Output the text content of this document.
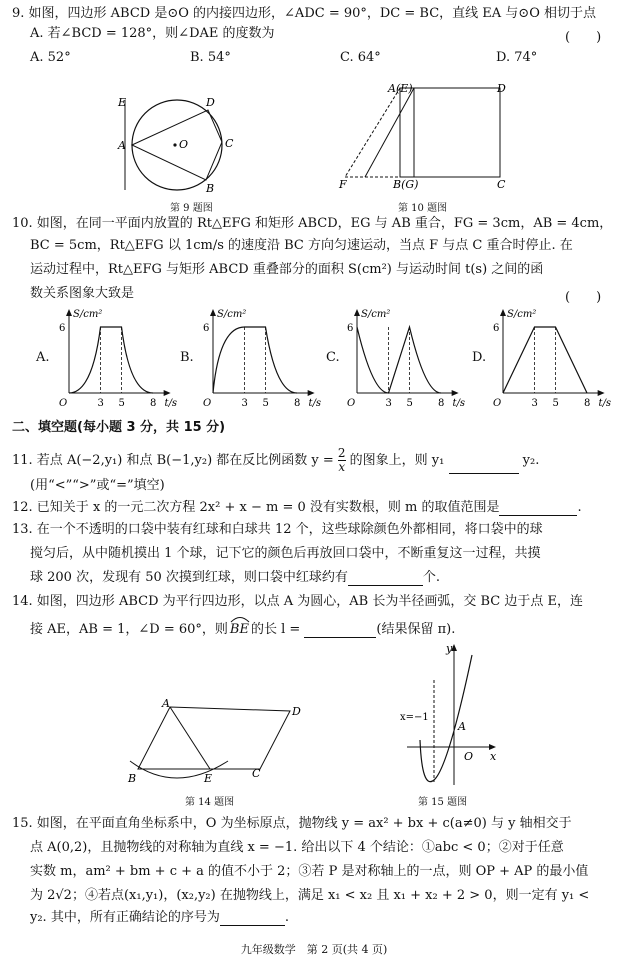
9. 如图，四边形 ABCD 是⊙O 的内接四边形，∠ADC = 90°，DC = BC，直线 EA 与⊙O 相切于点
A. 若∠BCD = 128°，则∠DAE 的度数为	(　　)
A. 52°	B. 54°	C. 64°	D. 74°
E	D
A	O	C
B
第 9 题图
A(E)	D
F	B(G)	C
第 10 题图
10. 如图，在同一平面内放置的 Rt△EFG 和矩形 ABCD，EG 与 AB 重合，FG = 3cm，AB = 4cm，
BC = 5cm，Rt△EFG 以 1cm/s 的速度沿 BC 方向匀速运动，当点 F 与点 C 重合时停止. 在
运动过程中，Rt△EFG 与矩形 ABCD 重叠部分的面积 S(cm²) 与运动时间 t(s) 之间的函
数关系图象大致是	(　　)
A.	B.	C.	D.
S/cm²
t/s
6
O	3 5	8
S/cm²
t/s
6
O	3 5	8
S/cm²
t/s
6
O	3 5	8
S/cm²
t/s
6
O	3 5	8
二、填空题(每小题 3 分，共 15 分)
11. 若点 A(−2,y₁) 和点 B(−1,y₂) 都在反比例函数 $y = \frac{2}{x}$ 的图象上，则 y₁	y₂.
(用“<”“>”或“=”填空)
12. 已知关于 x 的一元二次方程 2x² + x − m = 0 没有实数根，则 m 的取值范围是	.
13. 在一个不透明的口袋中装有红球和白球共 12 个，这些球除颜色外都相同，将口袋中的球
搅匀后，从中随机摸出 1 个球，记下它的颜色后再放回口袋中，不断重复这一过程，共摸
球 200 次，发现有 50 次摸到红球，则口袋中红球约有	个.
14. 如图，四边形 ABCD 为平行四边形，以点 A 为圆心，AB 长为半径画弧，交 BC 边于点 E，连
接 AE，AB = 1，∠D = 60°，则 BE 的长 l =	(结果保留 π).
A
D
B	E	C
第 14 题图
y
x
x=−1
A
O
第 15 题图
15. 如图，在平面直角坐标系中，O 为坐标原点，抛物线 y = ax² + bx + c(a≠0) 与 y 轴相交于
点 A(0,2)，且抛物线的对称轴为直线 x = −1. 给出以下 4 个结论：①abc < 0；②对于任意
实数 m，am² + bm + c + a 的值不小于 2；③若 P 是对称轴上的一点，则 OP + AP 的最小值
为 2√2；④若点(x₁,y₁)，(x₂,y₂) 在抛物线上，满足 x₁ < x₂ 且 x₁ + x₂ + 2 > 0，则一定有 y₁ <
y₂. 其中，所有正确结论的序号为	.
九年级数学　第 2 页(共 4 页)
